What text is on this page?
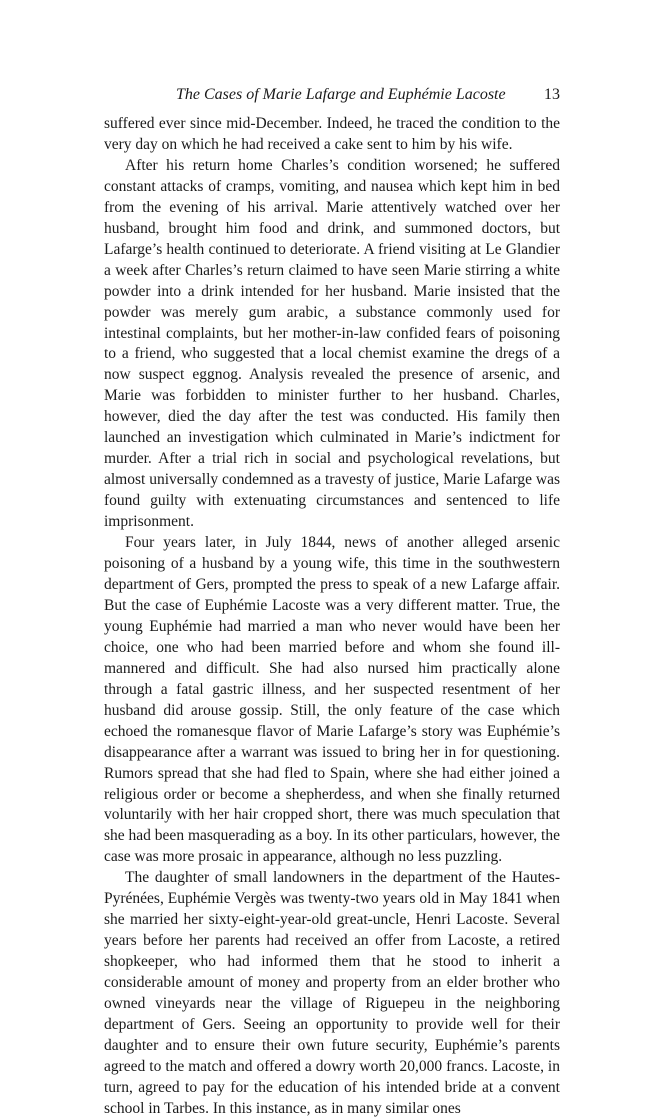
The Cases of Marie Lafarge and Euphémie Lacoste 13

suffered ever since mid-December. Indeed, he traced the condition to the very day on which he had received a cake sent to him by his wife.

After his return home Charles’s condition worsened; he suffered constant attacks of cramps, vomiting, and nausea which kept him in bed from the evening of his arrival. Marie attentively watched over her husband, brought him food and drink, and summoned doctors, but Lafarge’s health continued to deteriorate. A friend visiting at Le Glandier a week after Charles’s return claimed to have seen Marie stirring a white powder into a drink intended for her husband. Marie insisted that the powder was merely gum arabic, a substance commonly used for intestinal complaints, but her mother-in-law confided fears of poisoning to a friend, who suggested that a local chemist examine the dregs of a now suspect eggnog. Analysis revealed the presence of arsenic, and Marie was forbidden to minister further to her husband. Charles, however, died the day after the test was conducted. His family then launched an investigation which culminated in Marie’s indictment for murder. After a trial rich in social and psychological revelations, but almost universally condemned as a travesty of justice, Marie Lafarge was found guilty with extenuating circumstances and sentenced to life imprisonment.

Four years later, in July 1844, news of another alleged arsenic poisoning of a husband by a young wife, this time in the southwestern department of Gers, prompted the press to speak of a new Lafarge affair. But the case of Euphémie Lacoste was a very different matter. True, the young Euphémie had married a man who never would have been her choice, one who had been married before and whom she found ill-mannered and difficult. She had also nursed him practically alone through a fatal gastric illness, and her suspected resentment of her husband did arouse gossip. Still, the only feature of the case which echoed the romanesque flavor of Marie Lafarge’s story was Euphémie’s disappearance after a warrant was issued to bring her in for questioning. Rumors spread that she had fled to Spain, where she had either joined a religious order or become a shepherdess, and when she finally returned voluntarily with her hair cropped short, there was much speculation that she had been masquerading as a boy. In its other particulars, however, the case was more prosaic in appearance, although no less puzzling.

The daughter of small landowners in the department of the Hautes-Pyrénées, Euphémie Vergès was twenty-two years old in May 1841 when she married her sixty-eight-year-old great-uncle, Henri Lacoste. Several years before her parents had received an offer from Lacoste, a retired shopkeeper, who had informed them that he stood to inherit a considerable amount of money and property from an elder brother who owned vineyards near the village of Riguepeu in the neighboring department of Gers. Seeing an opportunity to provide well for their daughter and to ensure their own future security, Euphémie’s parents agreed to the match and offered a dowry worth 20,000 francs. Lacoste, in turn, agreed to pay for the education of his intended bride at a convent school in Tarbes. In this instance, as in many similar ones
